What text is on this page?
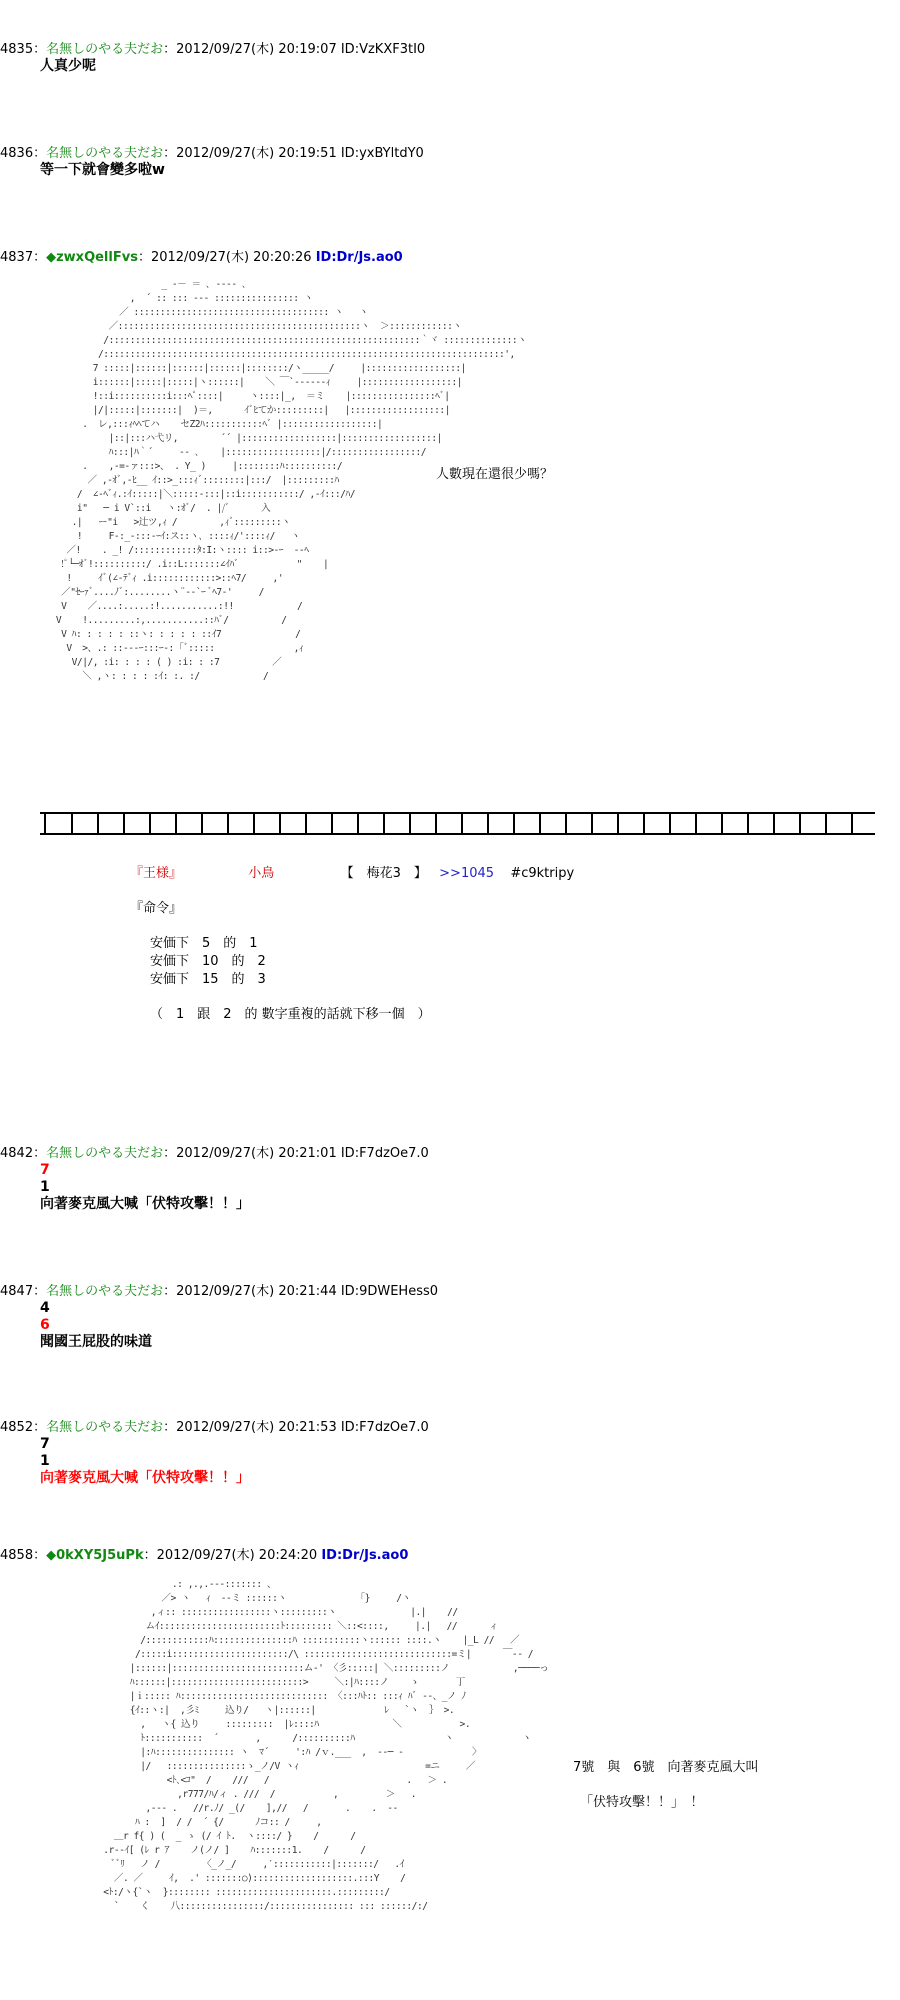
4835：名無しのやる夫だお：2012/09/27(木) 20:19:07 ID:VzKXF3tI0
人真少呢
4836：名無しのやる夫だお：2012/09/27(木) 20:19:51 ID:yxBYltdY0
等一下就會變多啦w
4837：◆zwxQellFvs：2012/09/27(木) 20:20:26 ID:Dr/Js.ao0
_ -－ ＝ ､ ‐‐‐‐ ､
,  ´ :: ::: ‐‐‐ :::::::::::::::: ヽ
／ ::::::::::::::::::::::::::::::::::::: ヽ   ヽ
／::::::::::::::::::::::::::::::::::::::::::::::ヽ  ＞::::::::::::ヽ
/:::::::::::::::::::::::::::::::::::::::::::::::::::::::::::｀ヾ ::::::::::::::ヽ
/::::::::::::::::::::::::::::::::::::::::::::::::::::::::::::::::::::::::::::',
7 :::::|::::::|::::::|::::::|::::::::/ヽ_____/     |::::::::::::::::::|
i::::::|:::::|:::::|ヽ::::::|    ＼ ￣`‐‐‐‐‐‐ｨ     |::::::::::::::::::|
!::i::::::::::i:::ﾍﾟ::::|     ヽ::::|_,  ＝ミ    |::::::::::::::::ﾍﾞ|
|/|:::::|:::::::|  )＝,      ｲﾞﾋてか:::::::::|   |::::::::::::::::::|
.  レ,:::ｨﾍﾍてハ    セZ2ﾊ:::::::::::ﾍﾞ |::::::::::::::::::|
|::|:::ハ弋リ,        ´´ |::::::::::::::::::|::::::::::::::::::|
ﾊ:::|ﾊ｀´     -- ､    |::::::::::::::::::|/:::::::::::::::::/
.    ,-=-ァ:::>、 . Y_ )     |::::::::ﾊ::::::::::/
／ ,-ｵﾞ,‐ﾋ__ ｲ::>_:::ｨﾞ::::::::|:::/  |:::::::::ﾊ
/  ∠-ﾍﾞｨ.:ｲ:::::|＼:::::-:::|::i:::::::::::/ ,-ｲ:::/ﾊ/
i"   ─ i V`::i   ヽ:ｵﾞ/  . |/ﾞ      入
.|   ー"i   >辻ツ,ｨ /        ,ｨﾞ:::::::::ヽ
!     F-:_-:::-ｰｲ:ス::ヽ､ ::::ｨ/'::::ｨ/   ヽ
／!    . _! /::::::::::::ﾀ:I:ヽ:::: i::>-ｰ  ‐‐ﾍ
!ﾟ└─ｵﾞ!::::::::::/ .i::L:::::::∠ｲﾊﾞ           "    |
!     ｲﾞ(∠-ﾃﾞｨ .i::::::::::::>::ﾍ7/     ,'
／"ｾｰｧﾞ....ﾉﾞ:........ヽ¨‐‐`ｰ ﾞﾍ7‐'     /
V    ／....:.....:!...........:!!            /
V    !.........:,...........::ﾊﾞ/          /
V ﾊ: : : : : ::ヽ: : : : : ::ｲ7              /
V  >、.: ::‐‐‐ｰ:::ｰ‐: ｢ﾞ:::::               ,ｨ
V/|/, :i: : : : ( ) :i: : :7          ／
＼ ,ヽ: : : : :ｲ: :. :/            /
人數現在還很少嗎？
『王様』	小鳥	【　梅花3　】 >>1045 #c9ktripy
『命令』
安価下　5　的　1
安価下　10　的　2
安価下　15　的　3
（　1　跟　2　的 數字重複的話就下移一個　）
4842：名無しのやる夫だお：2012/09/27(木) 20:21:01 ID:F7dzOe7.0
7
1
向著麥克風大喊「伏特攻擊！！」
4847：名無しのやる夫だお：2012/09/27(木) 20:21:44 ID:9DWEHess0
4
6
聞國王屁股的味道
4852：名無しのやる夫だお：2012/09/27(木) 20:21:53 ID:F7dzOe7.0
7
1
向著麥克風大喊「伏特攻擊！！」
4858：◆0kXY5J5uPk：2012/09/27(木) 20:24:20 ID:Dr/Js.ao0
.: ,.,.‐‐‐::::::: 、
／> ヽ   ｨ  ‐‐ミ ::::::ヽ              ｢}     /ヽ
,ィ:: :::::::::::::::::ヽ:::::::::ヽ              |.|    //
ムｲ:::::::::::::::::::::::ﾄ::::::::: ＼::<::::,     |.|   //      ィ
/::::::::::::ﾊ:::::::::::::::ﾊ :::::::::::ヽ:::::: ::::.ヽ    |_L //   ／
/:::::i::::::::::::::::::::::/\ ::::::::::::::::::::::::::::=ミ|      ￣‐‐ /
|::::::|:::::::::::::::::::::::::ム‐' 〈彡:::::| ＼:::::::::ノ            ,────っ
ﾊ::::::|:::::::::::::::::::::::::>     ＼:|ﾊ::::ノ    ゝ       丁
|ｉ::::: ﾊ:::::::::::::::::::::::::::: 〈:::ﾊﾄ:: :::ｨ ﾊﾞ ‐‐、_ノ ﾉ
{ｲ::ヽ:|  ,彡ﾐ     込り/   ヽ|::::::|             ﾚ   `ヽ  ｝ >.
,   ヽ{ 込り     :::::::::  |ﾚ::::ﾊ              ＼           >.
ﾄ:::::::::::  ´       ,      /::::::::::ﾊ                 ヽ             ヽ
|:ﾊ::::::::::::::: ヽ  ﾏ´     ':ﾊ /ｖ.___  ,  ‐‐─ ‐             〉
|/   :::::::::::::::ゝ_ノ/V ヽｨ                        =ニ     ／
<ﾄ､<ｺ"  /    ///   /                          .   ＞ .
,r777/ﾊ/ィ . ///  /           ,         ＞   .
,‐‐‐ .   //r.ﾉ/ _(/    ],//   /       .    .  -‐
ﾊ :  ]  / /  ´ {/      ﾉコ:: /     ,
＿r f{ ) (  _ ゝ (/ ｲ ﾄ.  ヽ::::/ }    /      /
.r‐‐ｲ[ (ﾚ r ｱ    ノ(ノ/ ]    ﾊ:::::::1.    /      /
ﾞﾞﾘ   ノ /        〈_ノ_/     ,′:::::::::::|:::::::/   .ｲ
／. ／     ｲ,  .' :::::::○):::::::::::::::::::.:::Y    /
<ﾄ:/ヽ{`ヽ  }:::::::: ::::::::::::::::::::::.:::::::::/
`    く    八::::::::::::::::/:::::::::::::::: ::: ::::::/:/
7號　與　6號　向著麥克風大叫
「伏特攻擊！！」　！
